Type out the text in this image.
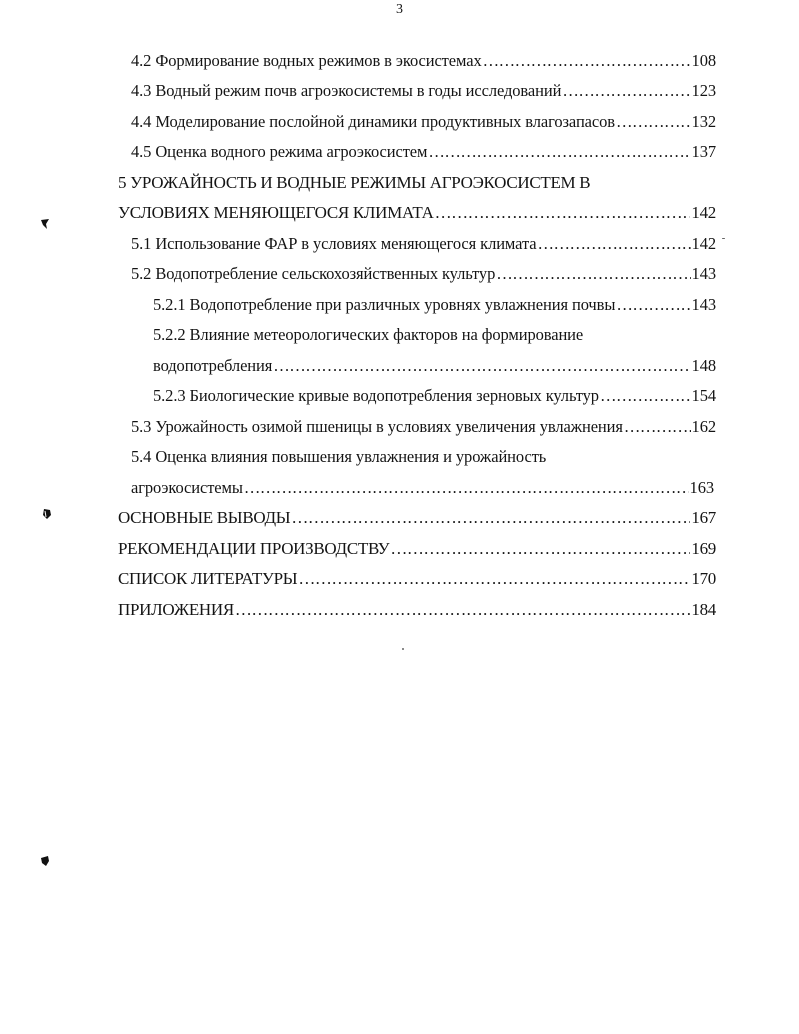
3
4.2 Формирование водных режимов в экосистемах ……………………………………………………………………………………………………………………………………………………………………………………	108
4.3 Водный режим почв агроэкосистемы в годы исследований ……………………………………………………………………………………………………………………………………………………………………………………	123
4.4 Моделирование послойной динамики продуктивных влагозапасов ……………………………………………………………………………………………………………………………………………………………………………………	132
4.5 Оценка водного режима агроэкосистем ……………………………………………………………………………………………………………………………………………………………………………………	137
5 УРОЖАЙНОСТЬ И ВОДНЫЕ РЕЖИМЫ АГРОЭКОСИСТЕМ В
УСЛОВИЯХ МЕНЯЮЩЕГОСЯ КЛИМАТА ……………………………………………………………………………………………………………………………………………………………………………………	142
5.1 Использование ФАР в условиях меняющегося климата ……………………………………………………………………………………………………………………………………………………………………………………	142
5.2 Водопотребление сельскохозяйственных культур ……………………………………………………………………………………………………………………………………………………………………………………	143
5.2.1 Водопотребление при различных уровнях увлажнения почвы ……………………………………………………………………………………………………………………………………………………………………………………	143
5.2.2 Влияние метеорологических факторов на формирование
водопотребления ……………………………………………………………………………………………………………………………………………………………………………………	148
5.2.3 Биологические кривые водопотребления зерновых культур ……………………………………………………………………………………………………………………………………………………………………………………	154
5.3 Урожайность озимой пшеницы в условиях увеличения увлажнения ……………………………………………………………………………………………………………………………………………………………………………………	162
5.4 Оценка влияния повышения увлажнения и урожайность
агроэкосистемы ……………………………………………………………………………………………………………………………………………………………………………………	163
ОСНОВНЫЕ ВЫВОДЫ ……………………………………………………………………………………………………………………………………………………………………………………	167
РЕКОМЕНДАЦИИ ПРОИЗВОДСТВУ ……………………………………………………………………………………………………………………………………………………………………………………	169
СПИСОК ЛИТЕРАТУРЫ ……………………………………………………………………………………………………………………………………………………………………………………	170
ПРИЛОЖЕНИЯ ……………………………………………………………………………………………………………………………………………………………………………………	184
